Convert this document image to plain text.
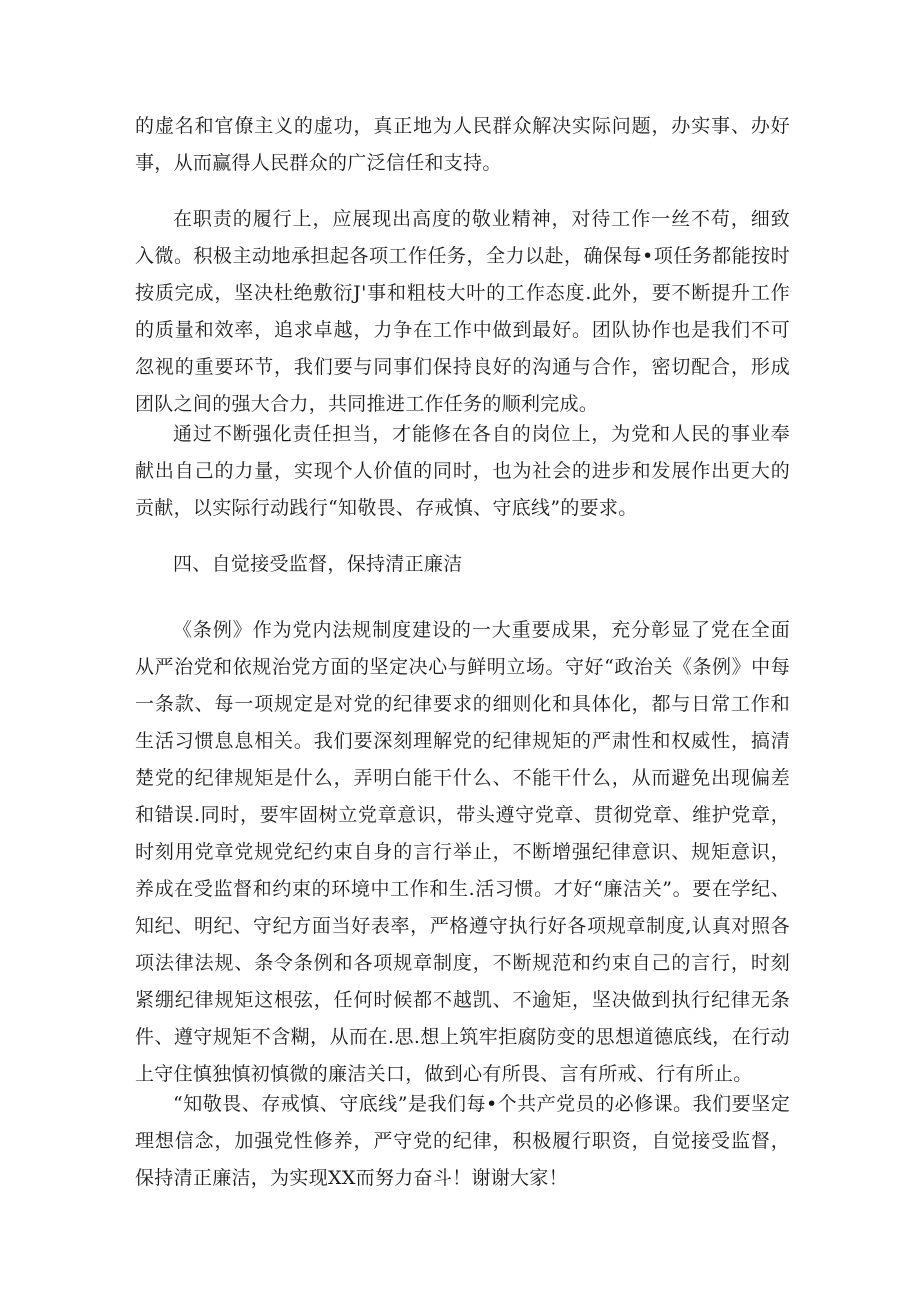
的虚名和官僚主义的虚功，真正地为人民群众解决实际问题，办实事、办好事，从而赢得人民群众的广泛信任和支持。

在职责的履行上，应展现出高度的敬业精神，对待工作一丝不苟，细致入微。积极主动地承担起各项工作任务，全力以赴，确保每•项任务都能按时按质完成，坚决杜绝敷衍J'事和粗枝大叶的工作态度.此外，要不断提升工作的质量和效率，追求卓越，力争在工作中做到最好。团队协作也是我们不可忽视的重要环节，我们要与同事们保持良好的沟通与合作，密切配合，形成团队之间的强大合力，共同推进工作任务的顺利完成。

通过不断强化责任担当，才能修在各自的岗位上，为党和人民的事业奉献出自己的力量，实现个人价值的同时，也为社会的进步和发展作出更大的贡献，以实际行动践行“知敬畏、存戒慎、守底线”的要求。

四、自觉接受监督，保持清正廉洁

《条例》作为党内法规制度建设的一大重要成果，充分彰显了党在全面从严治党和依规治党方面的坚定决心与鲜明立场。守好“政治关《条例》中每一条款、每一项规定是对党的纪律要求的细则化和具体化，都与日常工作和生活习惯息息相关。我们要深刻理解党的纪律规矩的严肃性和权威性，搞清楚党的纪律规矩是什么，弄明白能干什么、不能干什么，从而避免出现偏差和错误.同时，要牢固树立党章意识，带头遵守党章、贯彻党章、维护党章，时刻用党章党规党纪约束自身的言行举止，不断增强纪律意识、规矩意识，养成在受监督和约束的环境中工作和生.活习惯。才好“廉洁关”。要在学纪、知纪、明纪、守纪方面当好表率，严格遵守执行好各项规章制度,认真对照各项法律法规、条令条例和各项规章制度，不断规范和约束自己的言行，时刻紧绷纪律规矩这根弦，任何时候都不越凯、不逾矩，坚决做到执行纪律无条件、遵守规矩不含糊，从而在.思.想上筑牢拒腐防变的思想道德底线，在行动上守住慎独慎初慎微的廉洁关口，做到心有所畏、言有所戒、行有所止。

“知敬畏、存戒慎、守底线”是我们每•个共产党员的必修课。我们要坚定理想信念，加强党性修养，严守党的纪律，积极履行职资，自觉接受监督，保持清正廉洁，为实现XX而努力奋斗！谢谢大家！
